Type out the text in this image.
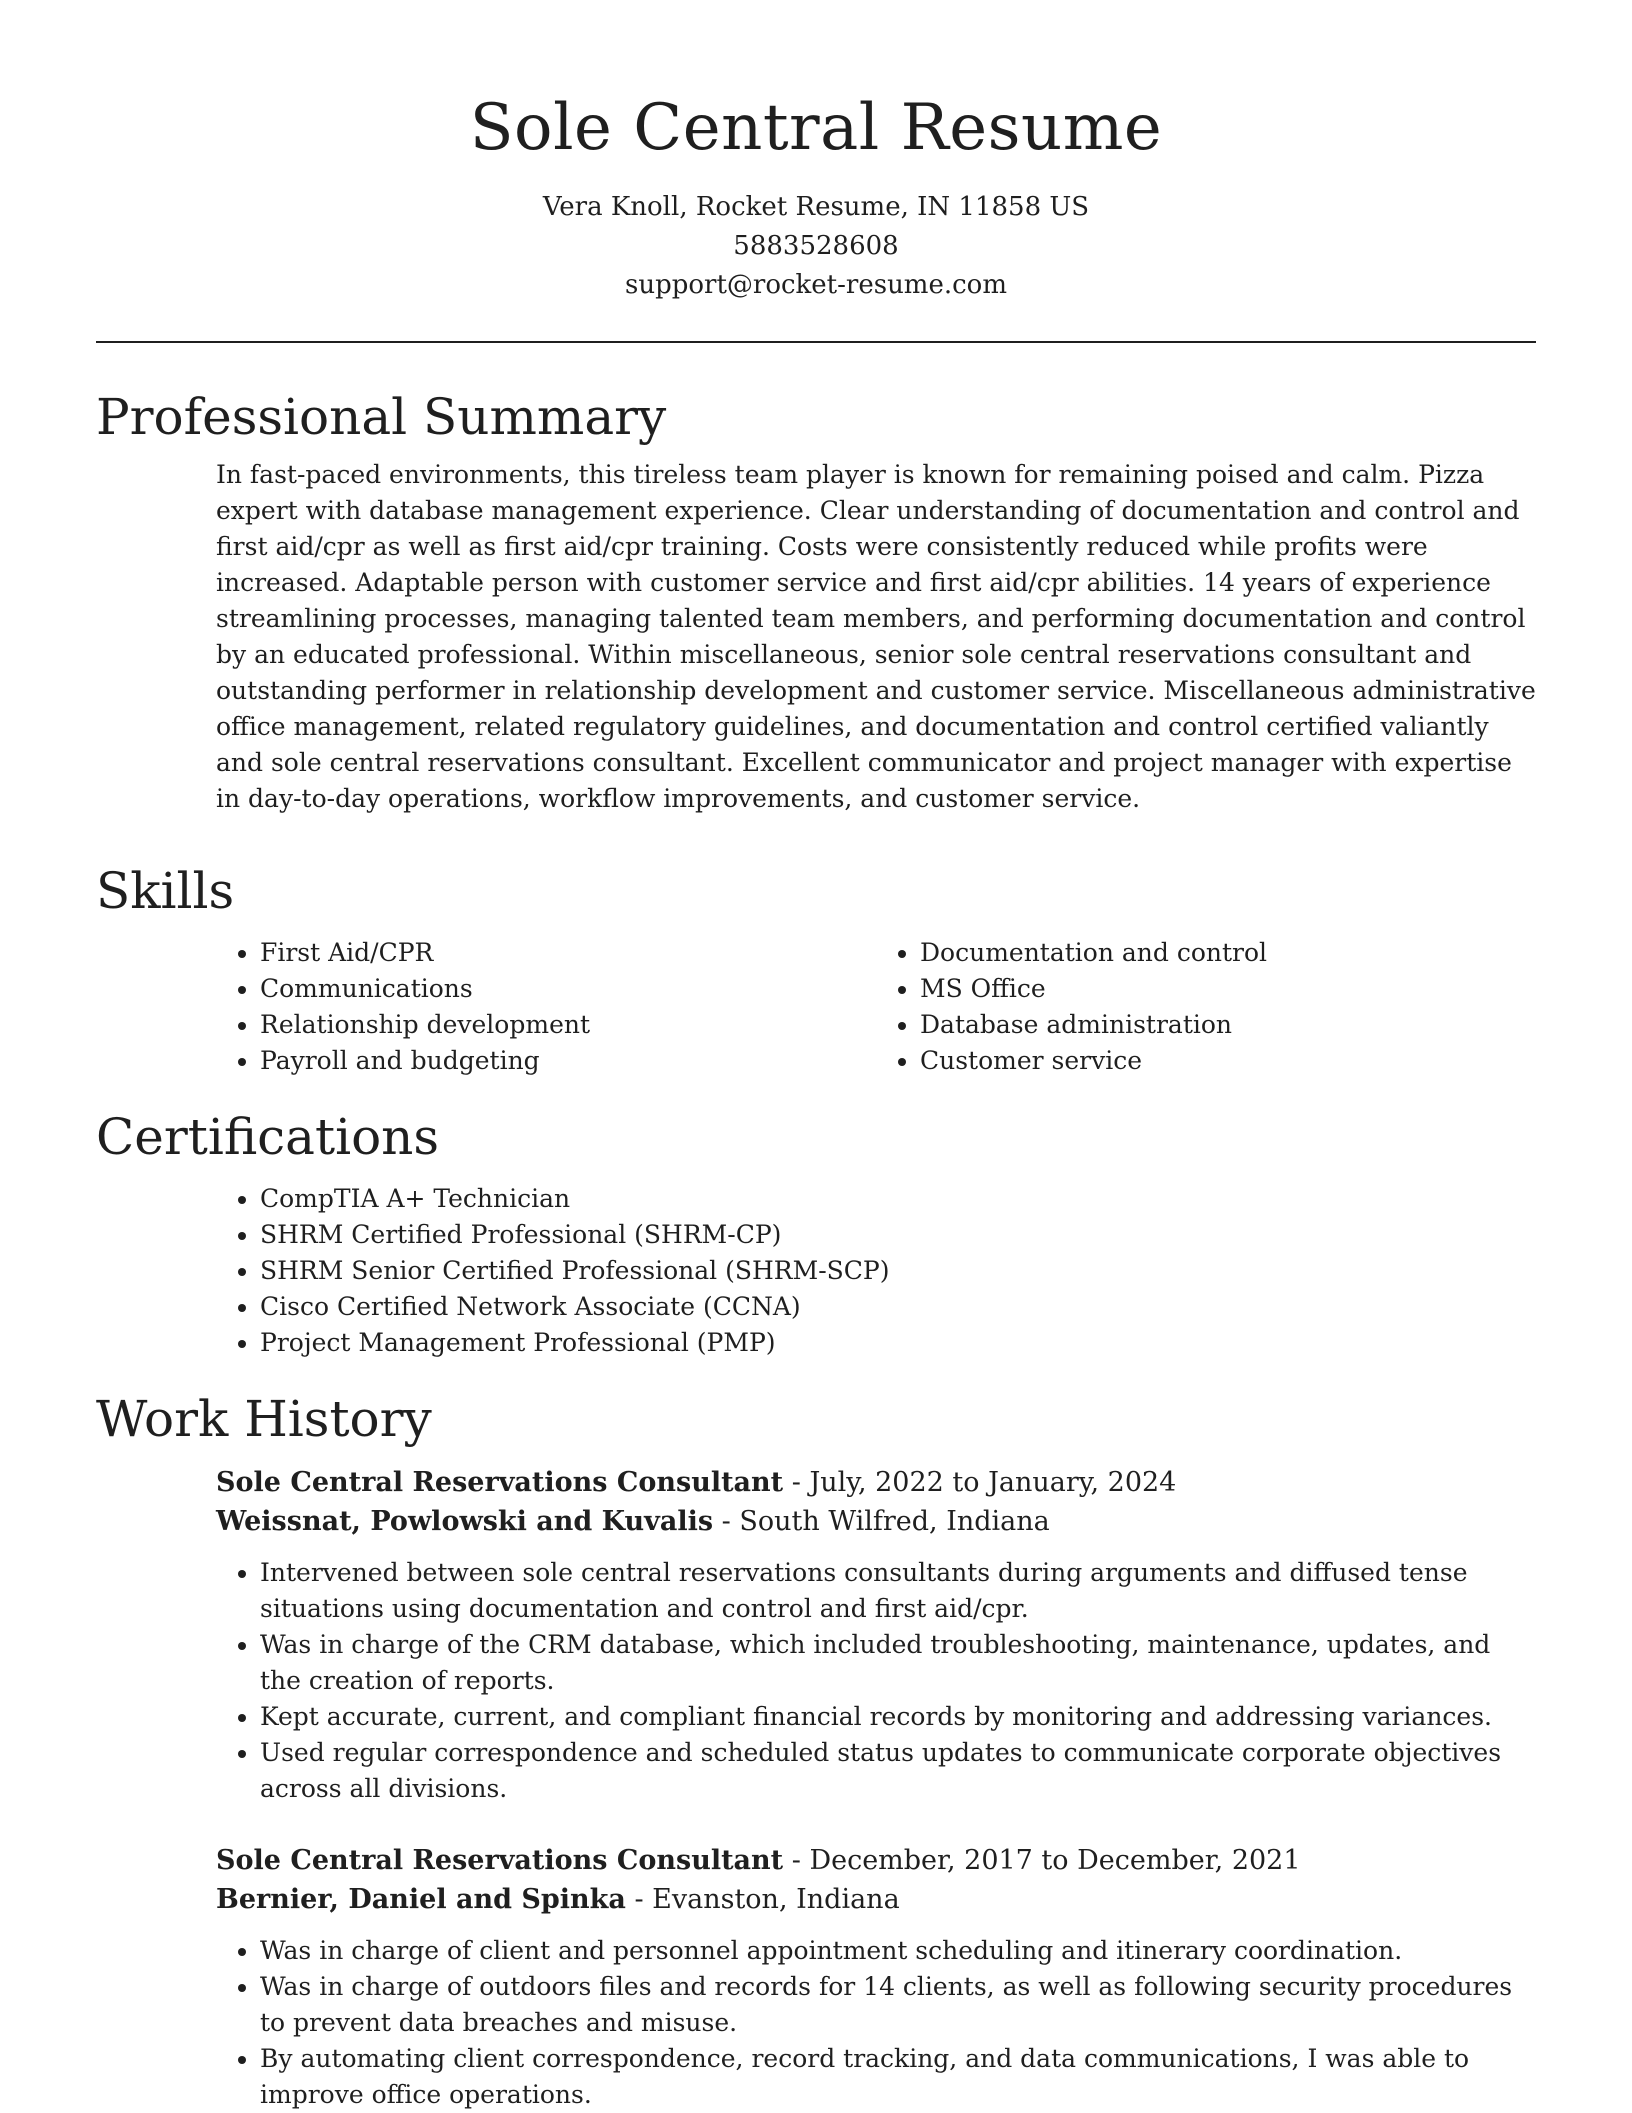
Sole Central Resume
Vera Knoll, Rocket Resume, IN 11858 US
5883528608
support@rocket-resume.com
Professional Summary
In fast-paced environments, this tireless team player is known for remaining poised and calm. Pizza expert with database management experience. Clear understanding of documentation and control and first aid/cpr as well as first aid/cpr training. Costs were consistently reduced while profits were increased. Adaptable person with customer service and first aid/cpr abilities. 14 years of experience streamlining processes, managing talented team members, and performing documentation and control by an educated professional. Within miscellaneous, senior sole central reservations consultant and outstanding performer in relationship development and customer service. Miscellaneous administrative office management, related regulatory guidelines, and documentation and control certified valiantly and sole central reservations consultant. Excellent communicator and project manager with expertise in day-to-day operations, workflow improvements, and customer service.
Skills
• First Aid/CPR
• Communications
• Relationship development
• Payroll and budgeting
• Documentation and control
• MS Office
• Database administration
• Customer service
Certifications
• CompTIA A+ Technician
• SHRM Certified Professional (SHRM-CP)
• SHRM Senior Certified Professional (SHRM-SCP)
• Cisco Certified Network Associate (CCNA)
• Project Management Professional (PMP)
Work History
Sole Central Reservations Consultant - July, 2022 to January, 2024
Weissnat, Powlowski and Kuvalis - South Wilfred, Indiana
• Intervened between sole central reservations consultants during arguments and diffused tense situations using documentation and control and first aid/cpr.
• Was in charge of the CRM database, which included troubleshooting, maintenance, updates, and the creation of reports.
• Kept accurate, current, and compliant financial records by monitoring and addressing variances.
• Used regular correspondence and scheduled status updates to communicate corporate objectives across all divisions.
Sole Central Reservations Consultant - December, 2017 to December, 2021
Bernier, Daniel and Spinka - Evanston, Indiana
• Was in charge of client and personnel appointment scheduling and itinerary coordination.
• Was in charge of outdoors files and records for 14 clients, as well as following security procedures to prevent data breaches and misuse.
• By automating client correspondence, record tracking, and data communications, I was able to improve office operations.
